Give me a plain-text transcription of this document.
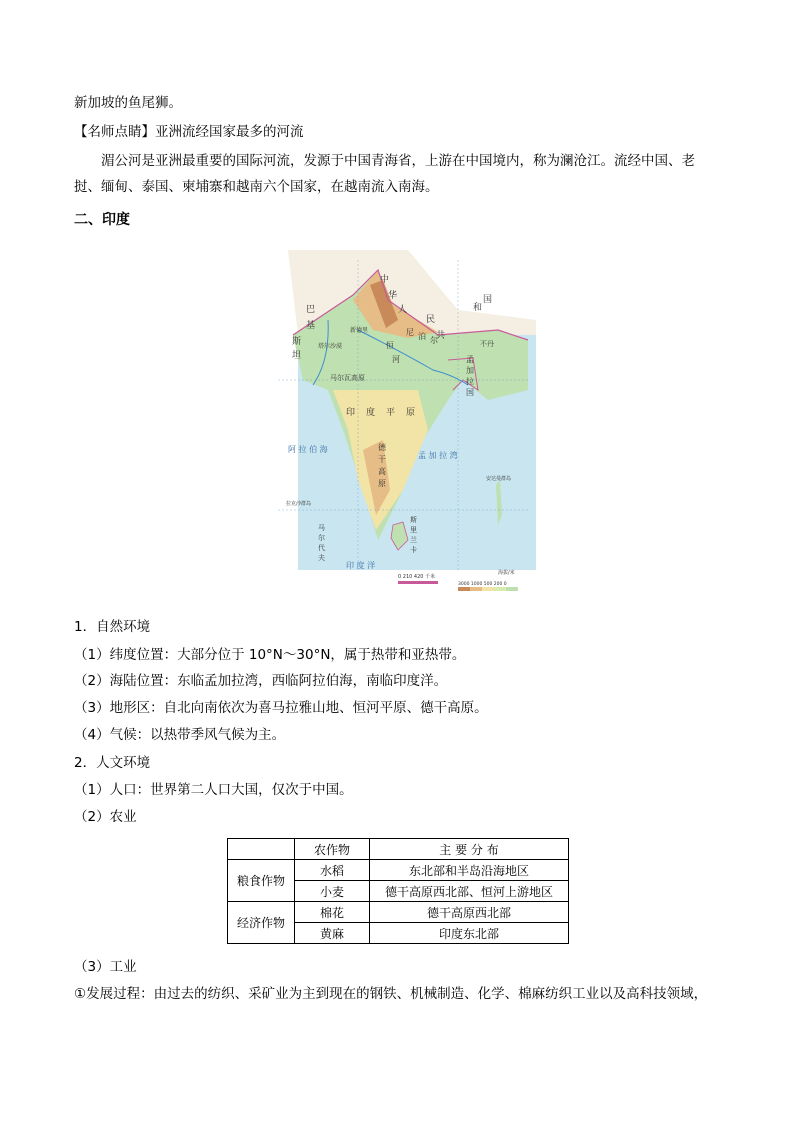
新加坡的鱼尾狮。
【名师点睛】亚洲流经国家最多的河流
湄公河是亚洲最重要的国际河流，发源于中国青海省，上游在中国境内，称为澜沧江。流经中国、老
挝、缅甸、泰国、柬埔寨和越南六个国家，在越南流入南海。
二、印度
中
华
人
民
共
和
国
巴
基
斯
坦
尼 泊 尔	不丹
孟
加
拉
国
印 度 平 原
德
干
高
原
恒
河
马尔瓦高原
塔尔沙漠
新德里
阿 拉 伯 海
孟 加 拉 湾
印 度 洋
斯
里
兰
卡
马
尔
代
夫
安达曼群岛
拉克沙群岛
0 210 420 千米
海拔/米
3000 1000 500 200 0
1．自然环境
（1）纬度位置：大部分位于 10°N～30°N，属于热带和亚热带。
（2）海陆位置：东临孟加拉湾，西临阿拉伯海，南临印度洋。
（3）地形区：自北向南依次为喜马拉雅山地、恒河平原、德干高原。
（4）气候：以热带季风气候为主。
2．人文环境
（1）人口：世界第二人口大国，仅次于中国。
（2）农业
	农作物	主 要 分 布
粮食作物	水稻	东北部和半岛沿海地区
	小麦	德干高原西北部、恒河上游地区
经济作物	棉花	德干高原西北部
	黄麻	印度东北部
（3）工业
①发展过程：由过去的纺织、采矿业为主到现在的钢铁、机械制造、化学、棉麻纺织工业以及高科技领域，
